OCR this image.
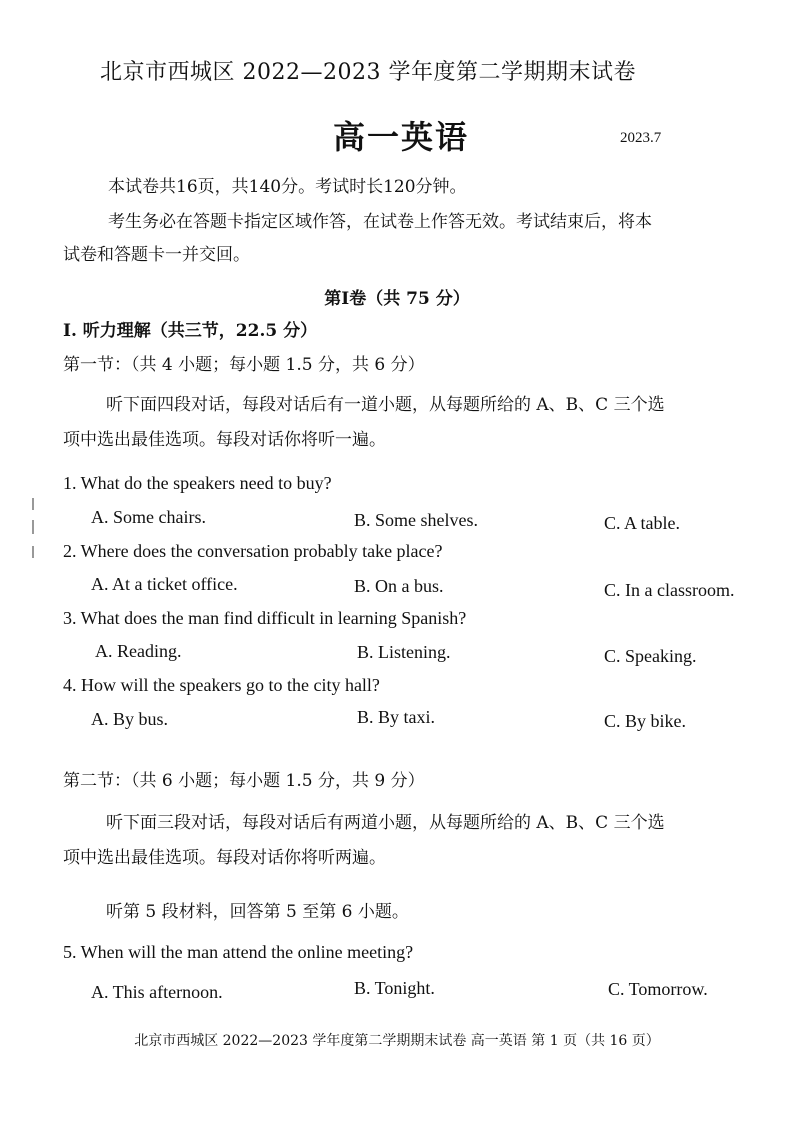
北京市西城区 2022—2023 学年度第二学期期末试卷
高一英语	2023.7
本试卷共16页，共140分。考试时长120分钟。
考生务必在答题卡指定区域作答，在试卷上作答无效。考试结束后，将本
试卷和答题卡一并交回。
第Ⅰ卷（共 75 分）
I. 听力理解（共三节，22.5 分）
第一节：（共 4 小题；每小题 1.5 分，共 6 分）
听下面四段对话，每段对话后有一道小题，从每题所给的 A、B、C 三个选
项中选出最佳选项。每段对话你将听一遍。
1. What do the speakers need to buy?
A. Some chairs.	B. Some shelves.	C. A table.
2. Where does the conversation probably take place?
A. At a ticket office.	B. On a bus.	C. In a classroom.
3. What does the man find difficult in learning Spanish?
A. Reading.	B. Listening.	C. Speaking.
4. How will the speakers go to the city hall?
A. By bus.	B. By taxi.	C. By bike.
第二节：（共 6 小题；每小题 1.5 分，共 9 分）
听下面三段对话，每段对话后有两道小题，从每题所给的 A、B、C 三个选
项中选出最佳选项。每段对话你将听两遍。
听第 5 段材料，回答第 5 至第 6 小题。
5. When will the man attend the online meeting?
A. This afternoon.	B. Tonight.	C. Tomorrow.
北京市西城区 2022—2023 学年度第二学期期末试卷 高一英语 第 1 页（共 16 页）
